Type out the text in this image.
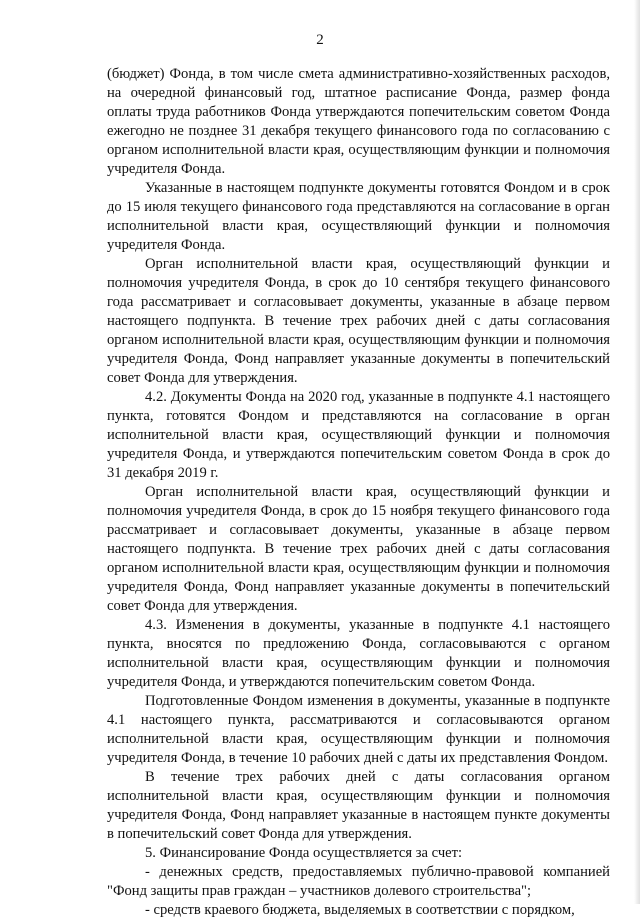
2

(бюджет) Фонда, в том числе смета административно-хозяйственных расходов, на очередной финансовый год, штатное расписание Фонда, размер фонда оплаты труда работников Фонда утверждаются попечительским советом Фонда ежегодно не позднее 31 декабря текущего финансового года по согласованию с органом исполнительной власти края, осуществляющим функции и полномочия учредителя Фонда.

Указанные в настоящем подпункте документы готовятся Фондом и в срок до 15 июля текущего финансового года представляются на согласование в орган исполнительной власти края, осуществляющий функции и полномочия учредителя Фонда.

Орган исполнительной власти края, осуществляющий функции и полномочия учредителя Фонда, в срок до 10 сентября текущего финансового года рассматривает и согласовывает документы, указанные в абзаце первом настоящего подпункта. В течение трех рабочих дней с даты согласования органом исполнительной власти края, осуществляющим функции и полномочия учредителя Фонда, Фонд направляет указанные документы в попечительский совет Фонда для утверждения.

4.2. Документы Фонда на 2020 год, указанные в подпункте 4.1 настоящего пункта, готовятся Фондом и представляются на согласование в орган исполнительной власти края, осуществляющий функции и полномочия учредителя Фонда, и утверждаются попечительским советом Фонда в срок до 31 декабря 2019 г.

Орган исполнительной власти края, осуществляющий функции и полномочия учредителя Фонда, в срок до 15 ноября текущего финансового года рассматривает и согласовывает документы, указанные в абзаце первом настоящего подпункта. В течение трех рабочих дней с даты согласования органом исполнительной власти края, осуществляющим функции и полномочия учредителя Фонда, Фонд направляет указанные документы в попечительский совет Фонда для утверждения.

4.3. Изменения в документы, указанные в подпункте 4.1 настоящего пункта, вносятся по предложению Фонда, согласовываются с органом исполнительной власти края, осуществляющим функции и полномочия учредителя Фонда, и утверждаются попечительским советом Фонда.

Подготовленные Фондом изменения в документы, указанные в подпункте 4.1 настоящего пункта, рассматриваются и согласовываются органом исполнительной власти края, осуществляющим функции и полномочия учредителя Фонда, в течение 10 рабочих дней с даты их представления Фондом.

В течение трех рабочих дней с даты согласования органом исполнительной власти края, осуществляющим функции и полномочия учредителя Фонда, Фонд направляет указанные в настоящем пункте документы в попечительский совет Фонда для утверждения.

5. Финансирование Фонда осуществляется за счет:

- денежных средств, предоставляемых публично-правовой компанией "Фонд защиты прав граждан – участников долевого строительства";

- средств краевого бюджета, выделяемых в соответствии с порядком,
